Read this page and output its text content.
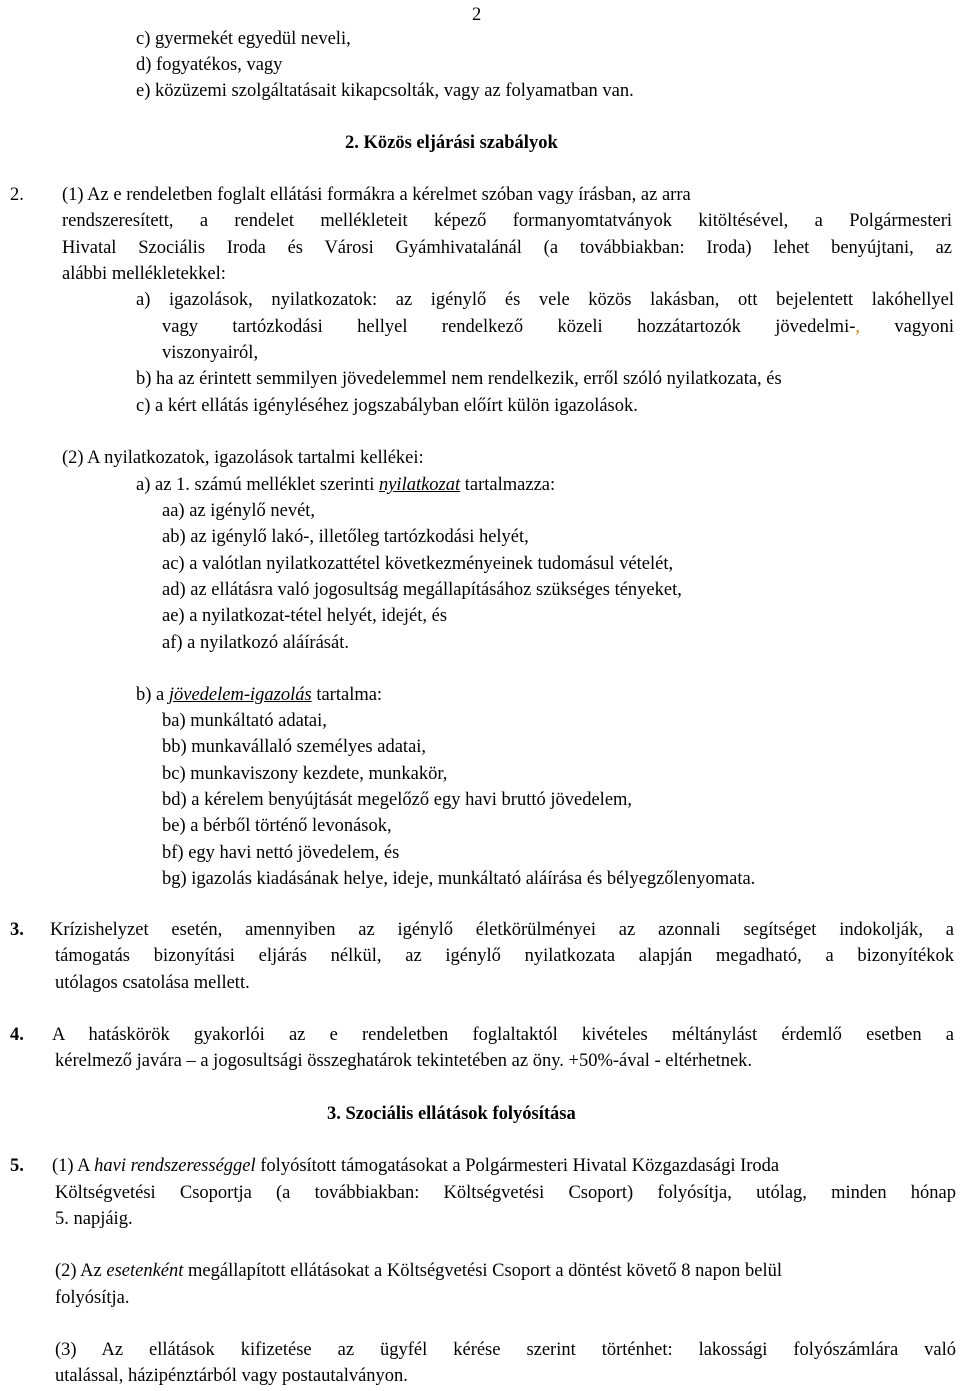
2
c) gyermekét egyedül neveli,
d) fogyatékos, vagy
e) közüzemi szolgáltatásait kikapcsolták, vagy az folyamatban van.
2. Közös eljárási szabályok
2. (1) Az e rendeletben foglalt ellátási formákra a kérelmet szóban vagy írásban, az arra
rendszeresített, a rendelet mellékleteit képező formanyomtatványok kitöltésével, a Polgármesteri
Hivatal Szociális Iroda és Városi Gyámhivatalánál (a továbbiakban: Iroda) lehet benyújtani, az
alábbi mellékletekkel:
a) igazolások, nyilatkozatok: az igénylő és vele közös lakásban, ott bejelentett lakóhellyel
vagy tartózkodási hellyel rendelkező közeli hozzátartozók jövedelmi-, vagyoni
viszonyairól,
b) ha az érintett semmilyen jövedelemmel nem rendelkezik, erről szóló nyilatkozata, és
c) a kért ellátás igényléséhez jogszabályban előírt külön igazolások.
(2) A nyilatkozatok, igazolások tartalmi kellékei:
a) az 1. számú melléklet szerinti nyilatkozat tartalmazza:
aa) az igénylő nevét,
ab) az igénylő lakó-, illetőleg tartózkodási helyét,
ac) a valótlan nyilatkozattétel következményeinek tudomásul vételét,
ad) az ellátásra való jogosultság megállapításához szükséges tényeket,
ae) a nyilatkozat-tétel helyét, idejét, és
af) a nyilatkozó aláírását.
b) a jövedelem-igazolás tartalma:
ba) munkáltató adatai,
bb) munkavállaló személyes adatai,
bc) munkaviszony kezdete, munkakör,
bd) a kérelem benyújtását megelőző egy havi bruttó jövedelem,
be) a bérből történő levonások,
bf) egy havi nettó jövedelem, és
bg) igazolás kiadásának helye, ideje, munkáltató aláírása és bélyegzőlenyomata.
3. Krízishelyzet esetén, amennyiben az igénylő életkörülményei az azonnali segítséget indokolják, a
támogatás bizonyítási eljárás nélkül, az igénylő nyilatkozata alapján megadható, a bizonyítékok
utólagos csatolása mellett.
4. A hatáskörök gyakorlói az e rendeletben foglaltaktól kivételes méltánylást érdemlő esetben a
kérelmező javára – a jogosultsági összeghatárok tekintetében az öny. +50%-ával - eltérhetnek.
3. Szociális ellátások folyósítása
5. (1) A havi rendszerességgel folyósított támogatásokat a Polgármesteri Hivatal Közgazdasági Iroda
Költségvetési Csoportja (a továbbiakban: Költségvetési Csoport) folyósítja, utólag, minden hónap
5. napjáig.
(2) Az esetenként megállapított ellátásokat a Költségvetési Csoport a döntést követő 8 napon belül
folyósítja.
(3) Az ellátások kifizetése az ügyfél kérése szerint történhet: lakossági folyószámlára való
utalással, házipénztárból vagy postautalványon.
